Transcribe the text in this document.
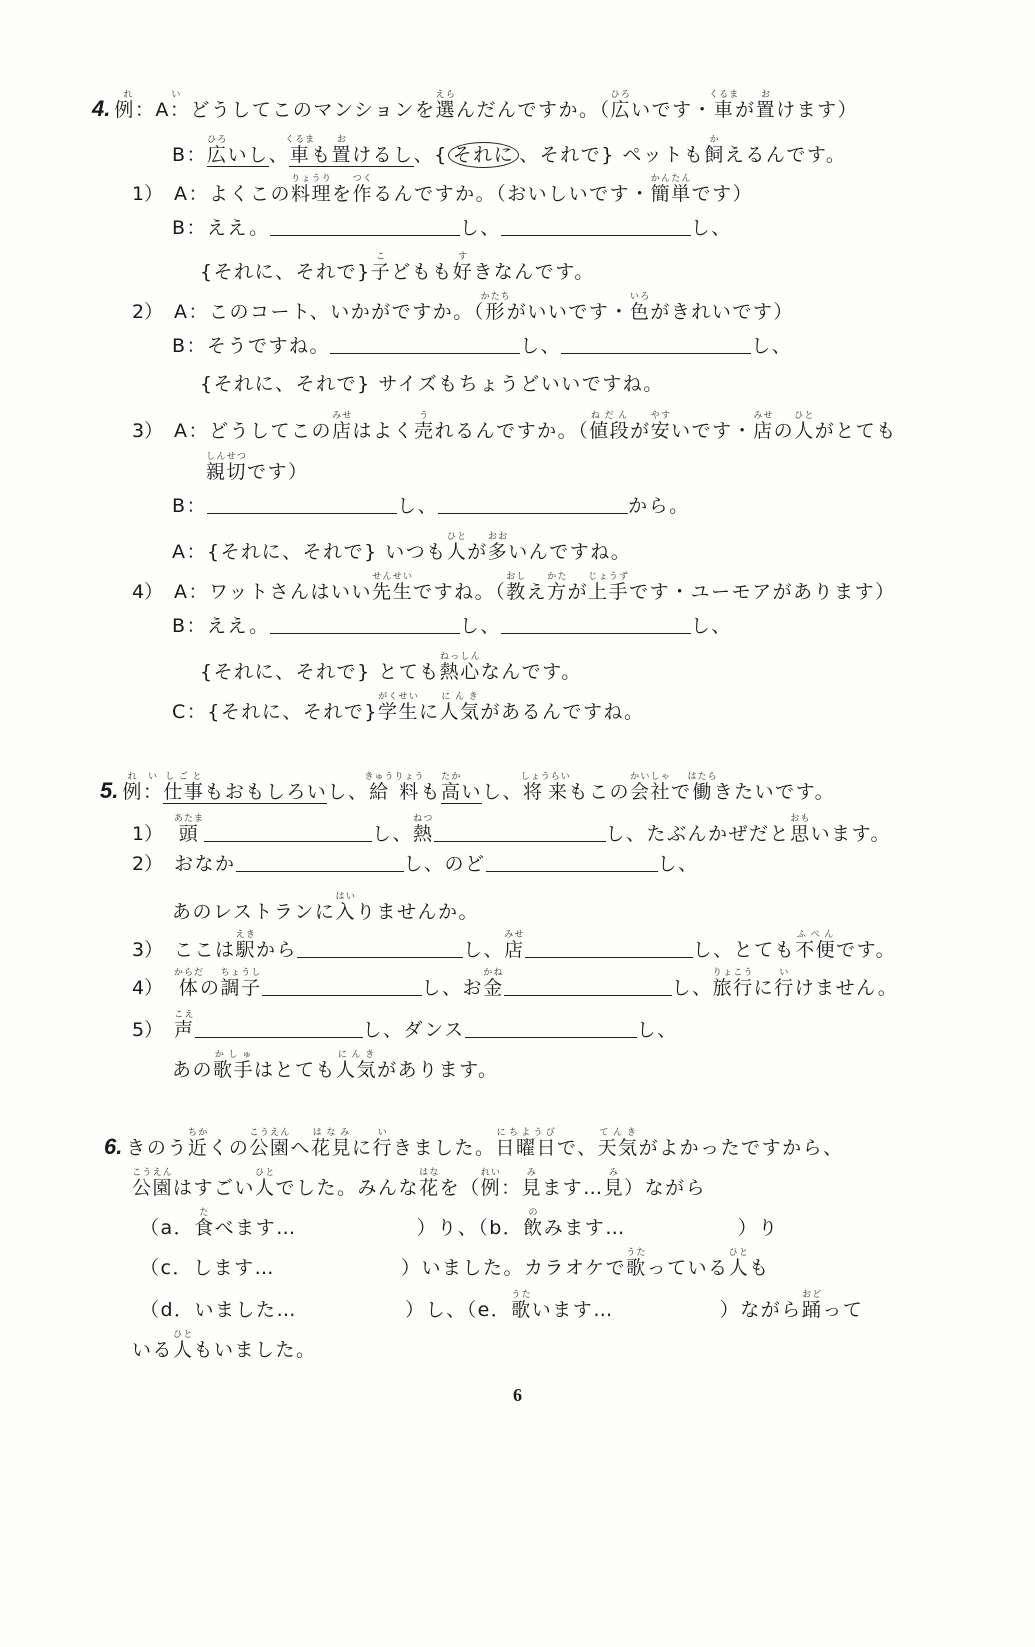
4. 例：A：れいどうしてこのマンションを選えらんだんですか。（広ひろいです・車くるまが置おけます）
B：広ひろいし、車くるまも置おけるし、{ それに 、それで} ペットも飼かえるんです。
1） A：よくこの料理りょうりを作つくるんですか。（おいしいです・簡単かんたんです）
B：ええ。	し、	し、
{それに、それで}子こどもも好すきなんです。
2） A：このコート、いかがですか。（形かたちがいいです・色いろがきれいです）
B：そうですね。	し、	し、
{それに、それで} サイズもちょうどいいですね。
3） A：どうしてこの店みせはよく売うれるんですか。（値段ねだんが安やすいです・店みせの人ひとがとても
親切しんせつです）
B：	し、	から。
A：{それに、それで} いつも人ひとが多おおいんですね。
4） A：ワットさんはいい先生せんせいですね。（教おしえ方かたが上手じょうずです・ユーモアがあります）
B：ええ。	し、	し、
{それに、それで} とても熱心ねっしんなんです。
C：{それに、それで}学生がくせいに人気にんきがあるんですね。
5. 例：れい仕事しごともおもしろいし、給料きゅうりょうも高たかいし、将来しょうらいもこの会社かいしゃで働はたらきたいです。
1） 頭あたまし、熱ねつし、たぶんかぜだと思おもいます。
2） おなか	し、のど	し、
あのレストランに入はいりませんか。
3） ここは駅えきから	し、店みせし、とても不便ふべんです。
4） 体からだの調子ちょうしし、お金かねし、旅行りょこうに行いけません。
5） 声こえし、ダンス	し、
あの歌手かしゅはとても人気にんきがあります。
6. きのう近ちかくの公園こうえんへ花見はなみに行いきました。日曜日にちようびで、天気てんきがよかったですから、
公園こうえんはすごい人ひとでした。みんな花はなを（例れい：見みます…見み）ながら
（a．食たべます…	）り、（b．飲のみます…	）り
（c．します…	）いました。カラオケで歌うたっている人ひとも
（d．いました…	）し、（e．歌うたいます…	）ながら踊おどって
いる人ひともいました。
6
